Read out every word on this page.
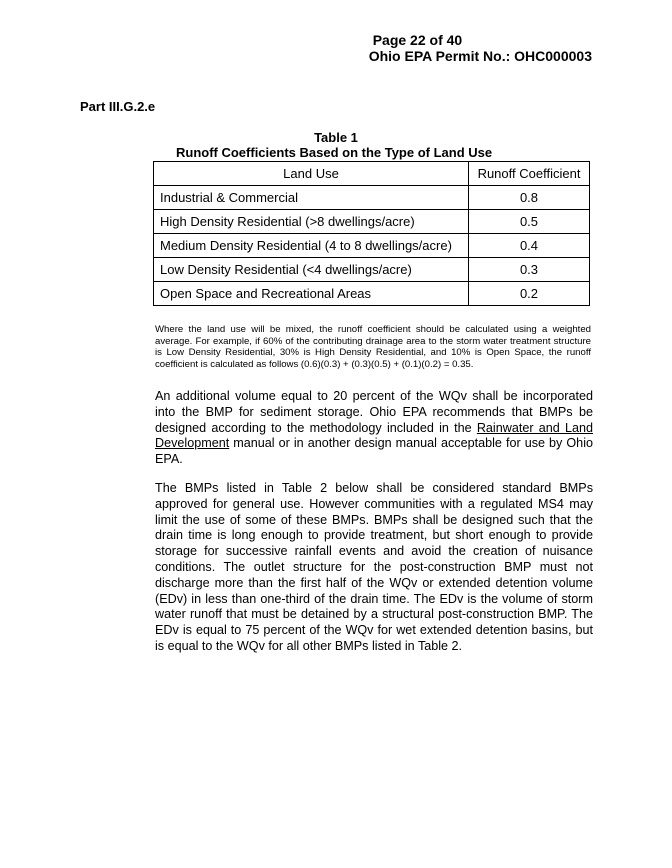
Page 22 of 40
Ohio EPA Permit No.: OHC000003
Part III.G.2.e
Table 1
Runoff Coefficients Based on the Type of Land Use
Land Use	Runoff Coefficient
Industrial & Commercial	0.8
High Density Residential (>8 dwellings/acre)	0.5
Medium Density Residential (4 to 8 dwellings/acre)	0.4
Low Density Residential (<4 dwellings/acre)	0.3
Open Space and Recreational Areas	0.2
Where the land use will be mixed, the runoff coefficient should be calculated using a weighted average. For example, if 60% of the contributing drainage area to the storm water treatment structure is Low Density Residential, 30% is High Density Residential, and 10% is Open Space, the runoff coefficient is calculated as follows (0.6)(0.3) + (0.3)(0.5) + (0.1)(0.2) = 0.35.

An additional volume equal to 20 percent of the WQv shall be incorporated into the BMP for sediment storage. Ohio EPA recommends that BMPs be designed according to the methodology included in the Rainwater and Land Development manual or in another design manual acceptable for use by Ohio EPA.

The BMPs listed in Table 2 below shall be considered standard BMPs approved for general use. However communities with a regulated MS4 may limit the use of some of these BMPs. BMPs shall be designed such that the drain time is long enough to provide treatment, but short enough to provide storage for successive rainfall events and avoid the creation of nuisance conditions. The outlet structure for the post-construction BMP must not discharge more than the first half of the WQv or extended detention volume (EDv) in less than one-third of the drain time. The EDv is the volume of storm water runoff that must be detained by a structural post-construction BMP. The EDv is equal to 75 percent of the WQv for wet extended detention basins, but is equal to the WQv for all other BMPs listed in Table 2.
